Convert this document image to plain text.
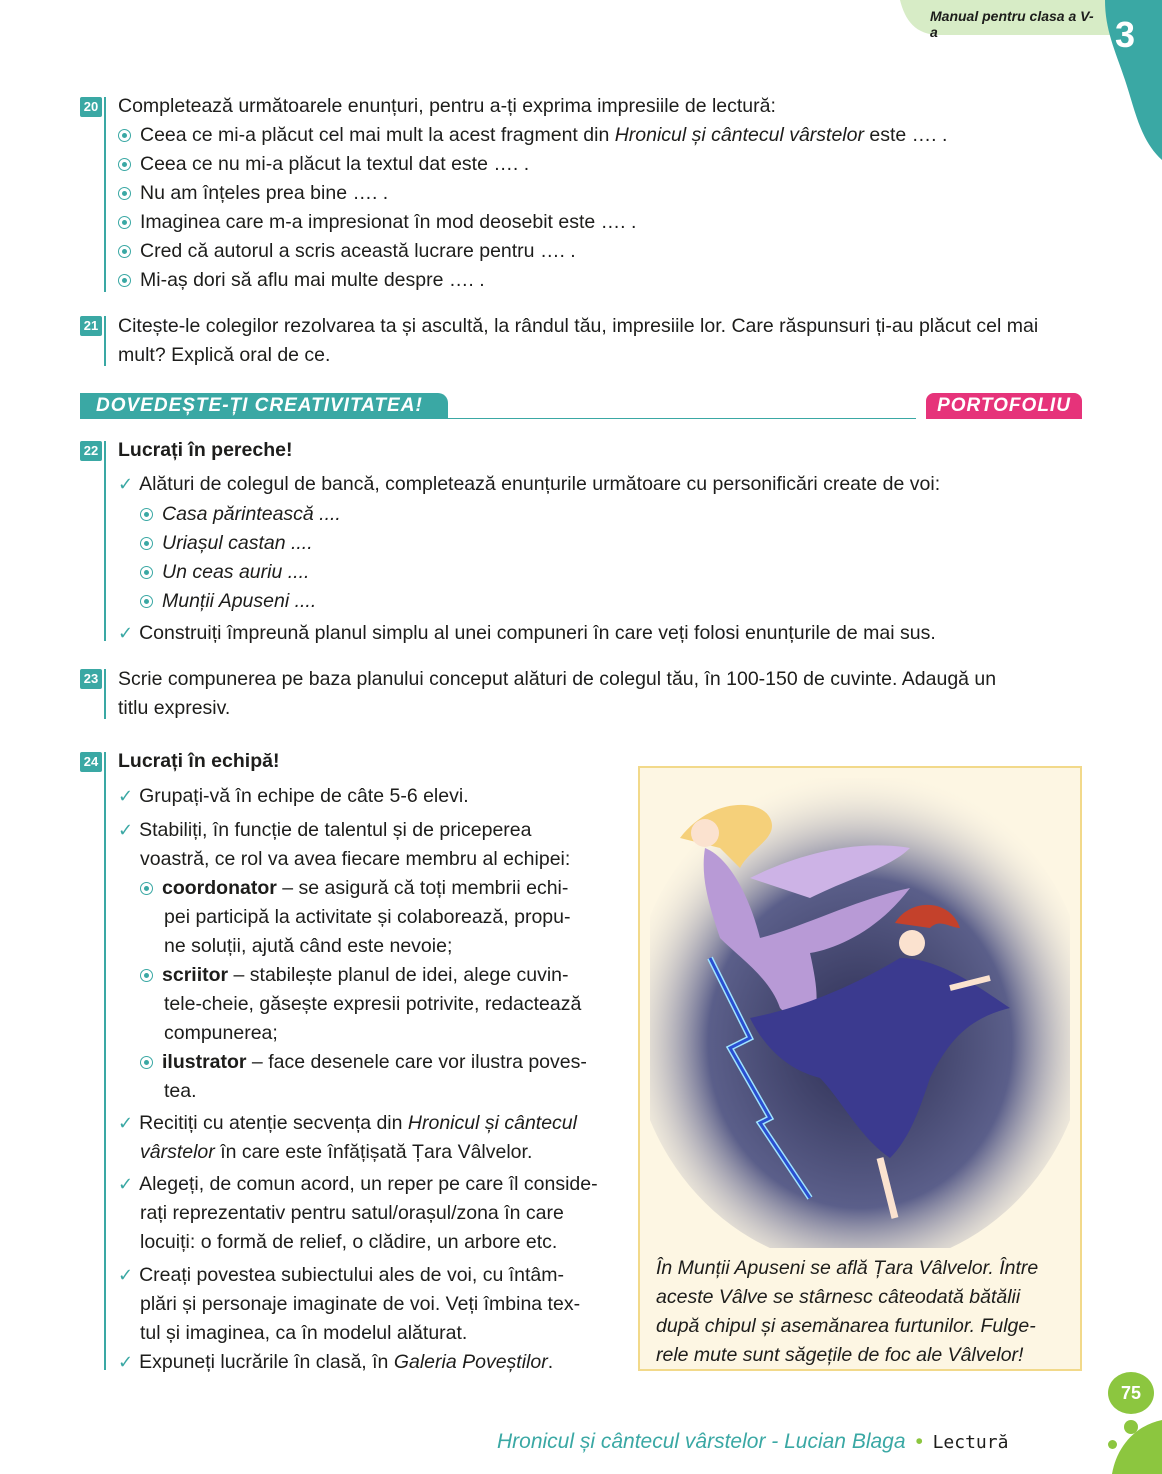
Manual pentru clasa a V-a	3
20 Completează următoarele enunțuri, pentru a-ți exprima impresiile de lectură:
Ceea ce mi-a plăcut cel mai mult la acest fragment din Hronicul și cântecul vârstelor este …. .
Ceea ce nu mi-a plăcut la textul dat este …. .
Nu am înțeles prea bine …. .
Imaginea care m-a impresionat în mod deosebit este …. .
Cred că autorul a scris această lucrare pentru …. .
Mi-aș dori să aflu mai multe despre …. .
21 Citește-le colegilor rezolvarea ta și ascultă, la rândul tău, impresiile lor. Care răspunsuri ți-au plăcut cel mai
mult? Explică oral de ce.
DOVEDEȘTE-ȚI CREATIVITATEA!	PORTOFOLIU
22 Lucrați în pereche!
✓ Alături de colegul de bancă, completează enunțurile următoare cu personificări create de voi:
Casa părintească ....
Uriașul castan ....
Un ceas auriu ....
Munții Apuseni ....
✓ Construiți împreună planul simplu al unei compuneri în care veți folosi enunțurile de mai sus.
23 Scrie compunerea pe baza planului conceput alături de colegul tău, în 100-150 de cuvinte. Adaugă un
titlu expresiv.
24 Lucrați în echipă!
✓ Grupați-vă în echipe de câte 5-6 elevi.
✓ Stabiliți, în funcție de talentul și de priceperea
voastră, ce rol va avea fiecare membru al echipei:
coordonator – se asigură că toți membrii echi-
pei participă la activitate și colaborează, propu-
ne soluții, ajută când este nevoie;
scriitor – stabilește planul de idei, alege cuvin-
tele-cheie, găsește expresii potrivite, redactează
compunerea;
ilustrator – face desenele care vor ilustra poves-
tea.
✓ Recitiți cu atenție secvența din Hronicul și cântecul
vârstelor în care este înfățișată Țara Vâlvelor.
✓ Alegeți, de comun acord, un reper pe care îl conside-
rați reprezentativ pentru satul/orașul/zona în care
locuiți: o formă de relief, o clădire, un arbore etc.
✓ Creați povestea subiectului ales de voi, cu întâm-
plări și personaje imaginate de voi. Veți îmbina tex-
tul și imaginea, ca în modelul alăturat.
✓ Expuneți lucrările în clasă, în Galeria Poveștilor.
În Munții Apuseni se află Țara Vâlvelor. Între
aceste Vâlve se stârnesc câteodată bătălii
după chipul și asemănarea furtunilor. Fulge-
rele mute sunt săgețile de foc ale Vâlvelor!
75
Hronicul și cântecul vârstelor - Lucian Blaga • Lectură
